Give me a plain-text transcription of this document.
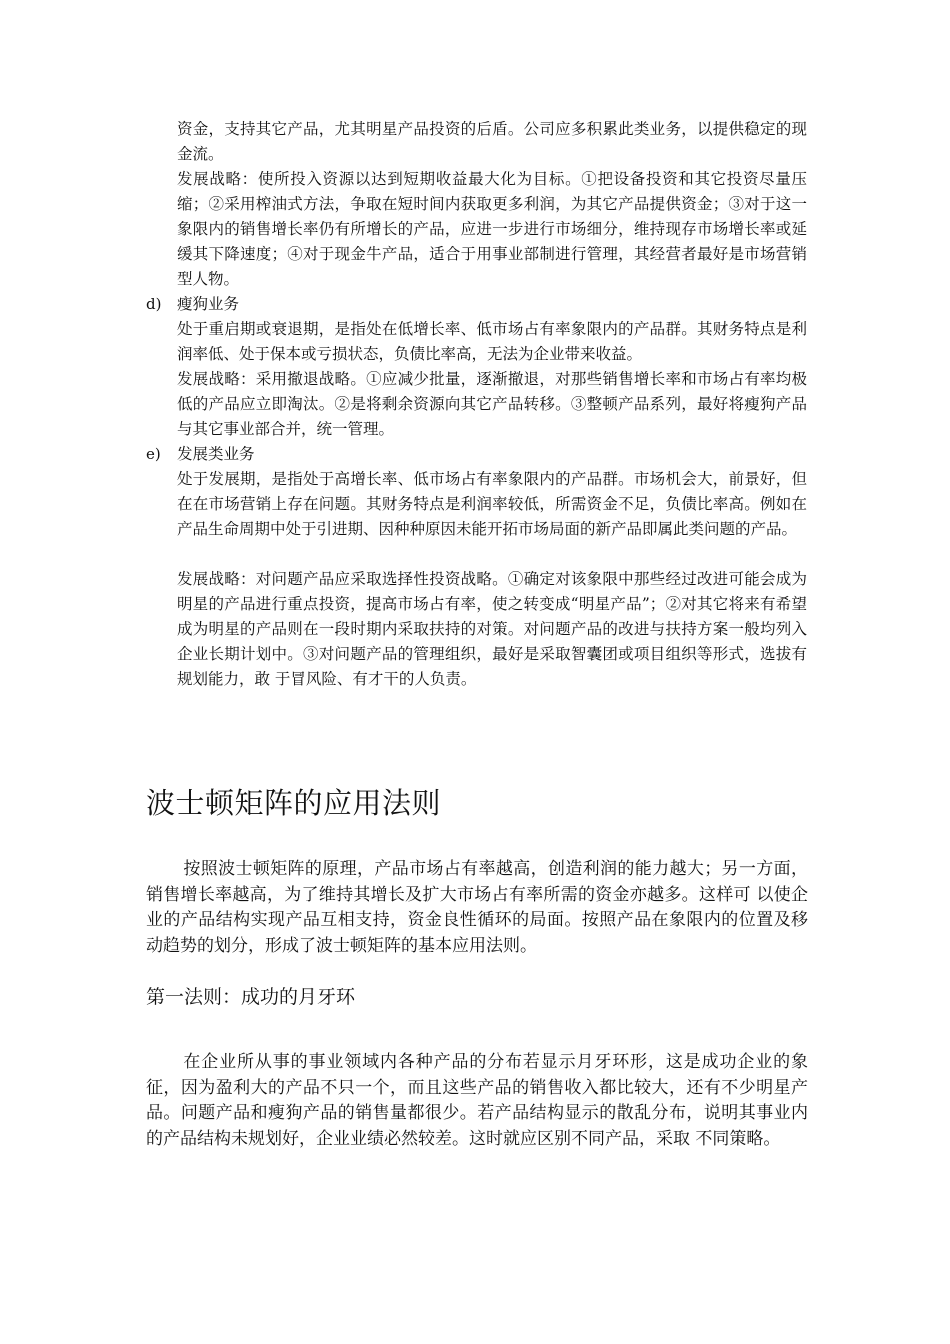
资金，支持其它产品，尤其明星产品投资的后盾。公司应多积累此类业务，以提供稳定的现金流。

发展战略：使所投入资源以达到短期收益最大化为目标。①把设备投资和其它投资尽量压缩；②采用榨油式方法，争取在短时间内获取更多利润，为其它产品提供资金；③对于这一象限内的销售增长率仍有所增长的产品，应进一步进行市场细分，维持现存市场增长率或延缓其下降速度；④对于现金牛产品，适合于用事业部制进行管理，其经营者最好是市场营销型人物。

d) 瘦狗业务

处于重启期或衰退期，是指处在低增长率、低市场占有率象限内的产品群。其财务特点是利润率低、处于保本或亏损状态，负债比率高，无法为企业带来收益。

发展战略：采用撤退战略。①应减少批量，逐渐撤退，对那些销售增长率和市场占有率均极低的产品应立即淘汰。②是将剩余资源向其它产品转移。③整顿产品系列，最好将瘦狗产品与其它事业部合并，统一管理。

e) 发展类业务

处于发展期，是指处于高增长率、低市场占有率象限内的产品群。市场机会大，前景好，但在在市场营销上存在问题。其财务特点是利润率较低，所需资金不足，负债比率高。例如在产品生命周期中处于引进期、因种种原因未能开拓市场局面的新产品即属此类问题的产品。

发展战略：对问题产品应采取选择性投资战略。①确定对该象限中那些经过改进可能会成为明星的产品进行重点投资，提高市场占有率，使之转变成“明星产品”；②对其它将来有希望成为明星的产品则在一段时期内采取扶持的对策。对问题产品的改进与扶持方案一般均列入企业长期计划中。③对问题产品的管理组织，最好是采取智囊团或项目组织等形式，选拔有规划能力，敢 于冒风险、有才干的人负责。

波士顿矩阵的应用法则

按照波士顿矩阵的原理，产品市场占有率越高，创造利润的能力越大；另一方面，销售增长率越高，为了维持其增长及扩大市场占有率所需的资金亦越多。这样可 以使企业的产品结构实现产品互相支持，资金良性循环的局面。按照产品在象限内的位置及移动趋势的划分，形成了波士顿矩阵的基本应用法则。

第一法则：成功的月牙环

在企业所从事的事业领域内各种产品的分布若显示月牙环形，这是成功企业的象征，因为盈利大的产品不只一个，而且这些产品的销售收入都比较大，还有不少明星产品。问题产品和瘦狗产品的销售量都很少。若产品结构显示的散乱分布，说明其事业内的产品结构未规划好，企业业绩必然较差。这时就应区别不同产品，采取 不同策略。
